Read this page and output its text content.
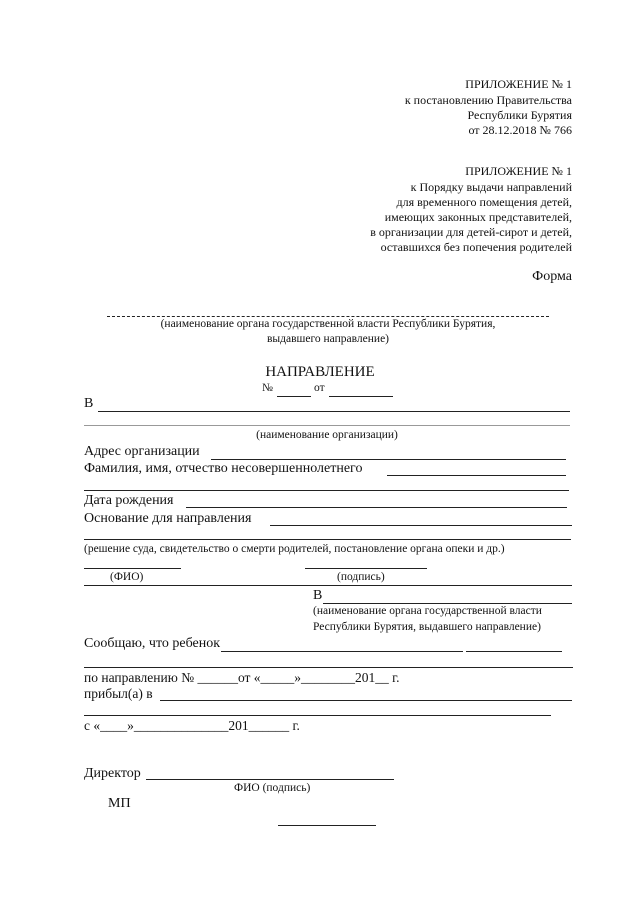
ПРИЛОЖЕНИЕ № 1
к постановлению Правительства
Республики Бурятия
от 28.12.2018 № 766
ПРИЛОЖЕНИЕ № 1
к Порядку выдачи направлений
для временного помещения детей,
имеющих законных представителей,
в организации для детей-сирот и детей,
оставшихся без попечения родителей
Форма
(наименование органа государственной власти Республики Бурятия,
выдавшего направление)
НАПРАВЛЕНИЕ
№	от
В
(наименование организации)
Адрес организации
Фамилия, имя, отчество несовершеннолетнего
Дата рождения
Основание для направления
(решение суда, свидетельство о смерти родителей, постановление органа опеки и др.)
(ФИО)	(подпись)
В
(наименование органа государственной власти
Республики Бурятия, выдавшего направление)
Сообщаю, что ребенок
по направлению № ______от «_____»________201__ г.
прибыл(а) в
с «____»______________201______ г.
Директор
ФИО (подпись)
МП
